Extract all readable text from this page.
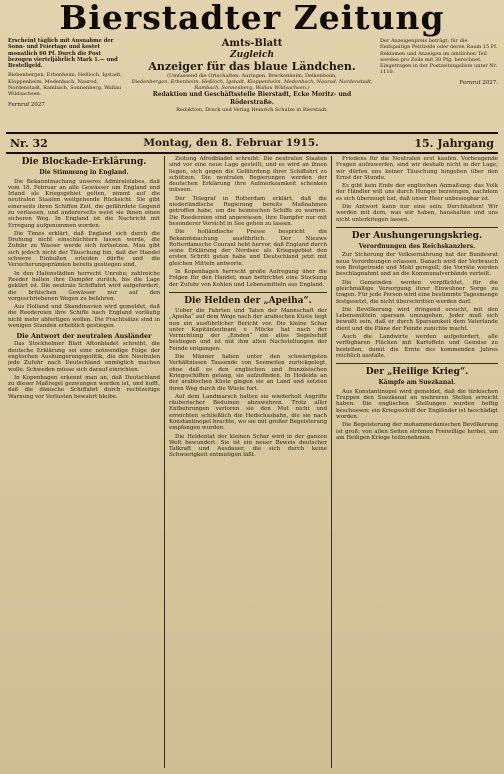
Bierstadter Zeitung
Erscheint täglich mit Ausnahme der Sonn- und Feiertage und kostet monatlich 60 Pf. Durch die Post bezogen vierteljährlich Mark 1.— und Bestellgeld.
Biebenbergen, Erbenheim, Heßloch, Igstadt, Kloppenheim, Medenbach, Naurod, Nordenstadt, Rambach, Sonnenberg, Wallau Wildsachsen.
Fernruf 2027
Amts-Blatt
Zugleich
Anzeiger für das blaue Ländchen.
(Umfassend die Ortschaften: Auringen, Breckenheim, Delkenheim,
Diedenbergen, Erbenheim, Heßloch, Igstadt, Kloppenheim, Medenbach, Naurod, Nordenstadt, Rambach, Sonnenberg, Wallau Wildsachsen.)
Redaktion und Geschäftsstelle Bierstadt, Ecke Moritz- und Röderstraße.
Redaktion, Druck und Verlag Heinrich Schulze in Bierstadt.
Der Anzeigenpreis beträgt: für die fünfspaltige Petitzeile oder deren Raum 15 Pf. Reklamen und Anzeigen im amtlichen Teil werden pro Zeile mit 30 Pfg. berechnet. Eingetragen in der Postzeitungsliste unter Nr. 1110.
Fernruf 2027.
Nr. 32	Montag, den 8. Februar 1915.	15. Jahrgang
Die Blockade-Erklärung.
Die Stimmung in England.

Die Bekanntmachung unseres Admiralstabes, daß vom 18. Februar an alle Gewässer um England und Irland als Kriegsgebiet gelten, nimmt auf die neutralen Staaten weitgehende Rücksicht. Sie gibt einerseits ihren Schiffen Zeit, die gefährdete Gegend zu verlassen, und andererseits weist sie ihnen einen sicheren Weg. In England ist die Nachricht mit Erregung aufgenommen worden.

Die Times erklärt, daß England sich durch die Drohung nicht einschüchtern lassen werde, die Zufuhr zu Wasser werde sich fortsetzen. Man gibt sich jedoch nicht der Täuschung hin, daß der Handel schwere Einbußen erleiden dürfte und die Versicherungsprämien bereits gestiegen sind.

In den Hafenstädten herrscht Unruhe; zahlreiche Reeder halten ihre Dampfer zurück, bis die Lage geklärt ist. Die neutrale Schiffahrt wird aufgefordert, die britischen Gewässer nur auf den vorgeschriebenen Wegen zu befahren.

Aus Holland und Skandinavien wird gemeldet, daß die Reedereien ihre Schiffe nach England vorläufig nicht mehr abfertigen wollen. Die Frachtsätze sind in wenigen Stunden erheblich gestiegen.

Die Antwort der neutralen Ausländer

Das Stockholmer Blatt Aftonbladet schreibt, die deutsche Erklärung sei eine notwendige Folge der englischen Aushungerungspolitik, die den Neutralen jede Zufuhr nach Deutschland unmöglich machen wolle. Schweden müsse sich darauf einrichten.

In Kopenhagen erkennt man an, daß Deutschland zu dieser Maßregel gezwungen worden ist, und hofft, daß die dänische Schiffahrt durch rechtzeitige Warnung vor Verlusten bewahrt bleibe.

Zeitung Afrodbladet schreibt: Die neutralen Staaten sind vor eine neue Lage gestellt, und es wird an ihnen liegen, sich gegen die Gefährdung ihrer Schiffahrt zu schützen. Die neutralen Regierungen werden der deutschen Erklärung ihre Aufmerksamkeit schenken müssen.

Der Telegraf in Rotterdam erklärt, daß die niederländische Regierung bereits Maßnahmen getroffen habe, um die heimischen Schiffe zu warnen. Die Reedereien sind angewiesen, ihre Dampfer nur mit besonderer Vorsicht in See gehen zu lassen.

Die holländische Presse bespricht die Bekanntmachung ausführlich. Der Nieuwe Rotterdamsche Courant hebt hervor, daß England durch seine Erklärung der Nordsee als Kriegsgebiet den ersten Schritt getan habe und Deutschland jetzt mit gleichen Mitteln antworte.

In Kopenhagen herrscht große Aufregung über die Folgen für den Handel; man befürchtet eine Stockung der Zufuhr von Kohlen und Lebensmitteln aus England.

Die Helden der „Apeiha“.

Ueber die Fahrten und Taten der Mannschaft der „Apeiha“ auf dem Wege nach der arabischen Küste liegt nun ein ausführlicher Bericht vor. Die kleine Schar unter Kapitänleutnant v. Mücke hat nach der Vernichtung der „Emden“ ein altes Segelschiff bestiegen und ist mit ihm allen Nachstellungen der Feinde entgangen.

Die Männer haben unter den schwierigsten Verhältnissen Tausende von Seemeilen zurückgelegt, ohne daß es den englischen und französischen Kriegsschiffen gelang, sie aufzufinden. In Hodeida an der arabischen Küste gingen sie an Land und setzten ihren Weg durch die Wüste fort.

Auf dem Landmarsch hatten sie wiederholt Angriffe räuberischer Beduinen abzuwehren. Trotz aller Entbehrungen verloren sie den Mut nicht und erreichten schließlich die Hedschasbahn, die sie nach Konstantinopel brachte, wo sie mit großer Begeisterung empfangen wurden.

Die Heldentat der kleinen Schar wird in der ganzen Welt bewundert. Sie ist ein neuer Beweis deutscher Tatkraft und Ausdauer, die sich durch keine Schwierigkeit entmutigen läßt.

Friedens für die Neutralen erst kaufen. Vorbeugende Fragen aufzuwerfen, sind wir deshalb nicht in der Lage; wir dürfen uns keiner Täuschung hingeben über den Ernst der Stunde.

Es gibt kein Ende der englischen Anmaßung; das Volk der Händler will uns durch Hunger bezwingen, nachdem es sich überzeugt hat, daß unser Heer unbesiegbar ist.

Die Antwort kann nur eine sein: Durchhalten! Wir werden mit dem, was wir haben, haushalten und uns nicht unterkriegen lassen.

Der Aushungerungskrieg.
Verordnungen des Reichskanzlers.

Zur Sicherung der Volksernährung hat der Bundesrat neue Verordnungen erlassen. Danach wird der Verbrauch von Brotgetreide und Mehl geregelt; die Vorräte werden beschlagnahmt und an die Kommunalverbände verteilt.

Die Gemeinden werden verpflichtet, für die gleichmäßige Versorgung ihrer Einwohner Sorge zu tragen. Für jede Person wird eine bestimmte Tagesmenge festgesetzt, die nicht überschritten werden darf.

Die Bevölkerung wird dringend ersucht, mit den Lebensmitteln sparsam umzugehen. Jeder muß sich bewußt sein, daß er durch Sparsamkeit dem Vaterlande dient und die Pläne der Feinde zunichte macht.

Auch die Landwirte werden aufgefordert, alle verfügbaren Flächen mit Kartoffeln und Gemüse zu bestellen, damit die Ernte des kommenden Jahres reichlich ausfalle.

Der „Heilige Krieg“.
Kämpfe am Suezkanal.

Aus Konstantinopel wird gemeldet, daß die türkischen Truppen den Suezkanal an mehreren Stellen erreicht haben. Die englischen Stellungen wurden heftig beschossen; ein Kriegsschiff der Engländer ist beschädigt worden.

Die Begeisterung der mohammedanischen Bevölkerung ist groß; von allen Seiten strömen Freiwillige herbei, um am Heiligen Kriege teilzunehmen.
